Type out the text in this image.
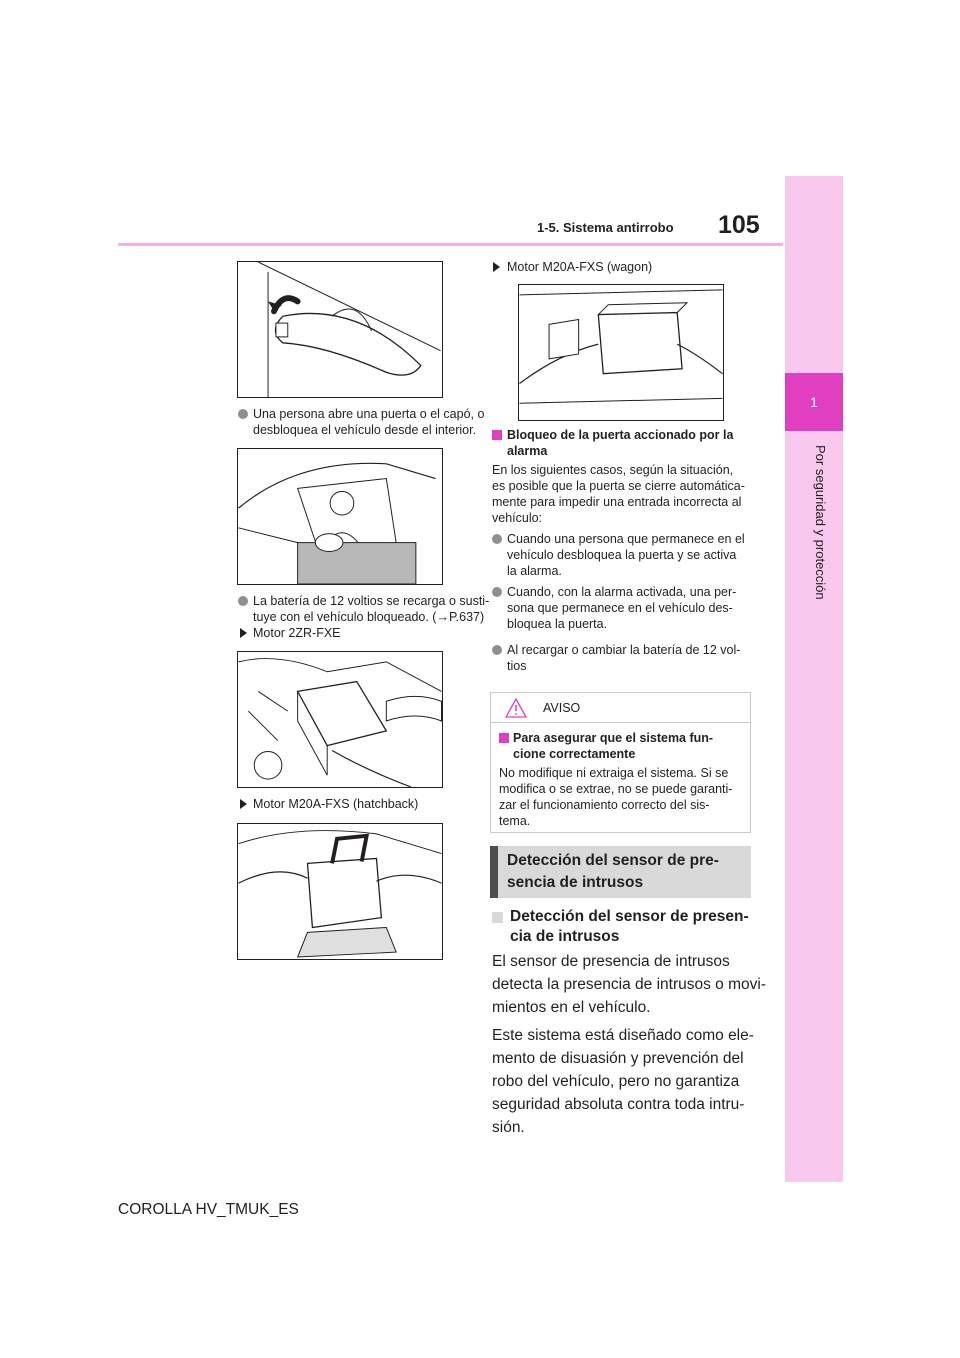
1
Por seguridad y protección
105
1-5. Sistema antirrobo
Una persona abre una puerta o el capó, o
desbloquea el vehículo desde el interior.
La batería de 12 voltios se recarga o susti-
tuye con el vehículo bloqueado. (→P.637)
Motor 2ZR-FXE
Motor M20A-FXS (hatchback)
Motor M20A-FXS (wagon)
Bloqueo de la puerta accionado por la
alarma
En los siguientes casos, según la situación,
es posible que la puerta se cierre automática-
mente para impedir una entrada incorrecta al
vehículo:
Cuando una persona que permanece en el
vehículo desbloquea la puerta y se activa
la alarma.
Cuando, con la alarma activada, una per-
sona que permanece en el vehículo des-
bloquea la puerta.
Al recargar o cambiar la batería de 12 vol-
tios
AVISO
Para asegurar que el sistema fun-
cione correctamente
No modifique ni extraiga el sistema. Si se
modifica o se extrae, no se puede garanti-
zar el funcionamiento correcto del sis-
tema.
Detección del sensor de pre-
sencia de intrusos
Detección del sensor de presen-
cia de intrusos
El sensor de presencia de intrusos
detecta la presencia de intrusos o movi-
mientos en el vehículo.
Este sistema está diseñado como ele-
mento de disuasión y prevención del
robo del vehículo, pero no garantiza
seguridad absoluta contra toda intru-
sión.
COROLLA HV_TMUK_ES
